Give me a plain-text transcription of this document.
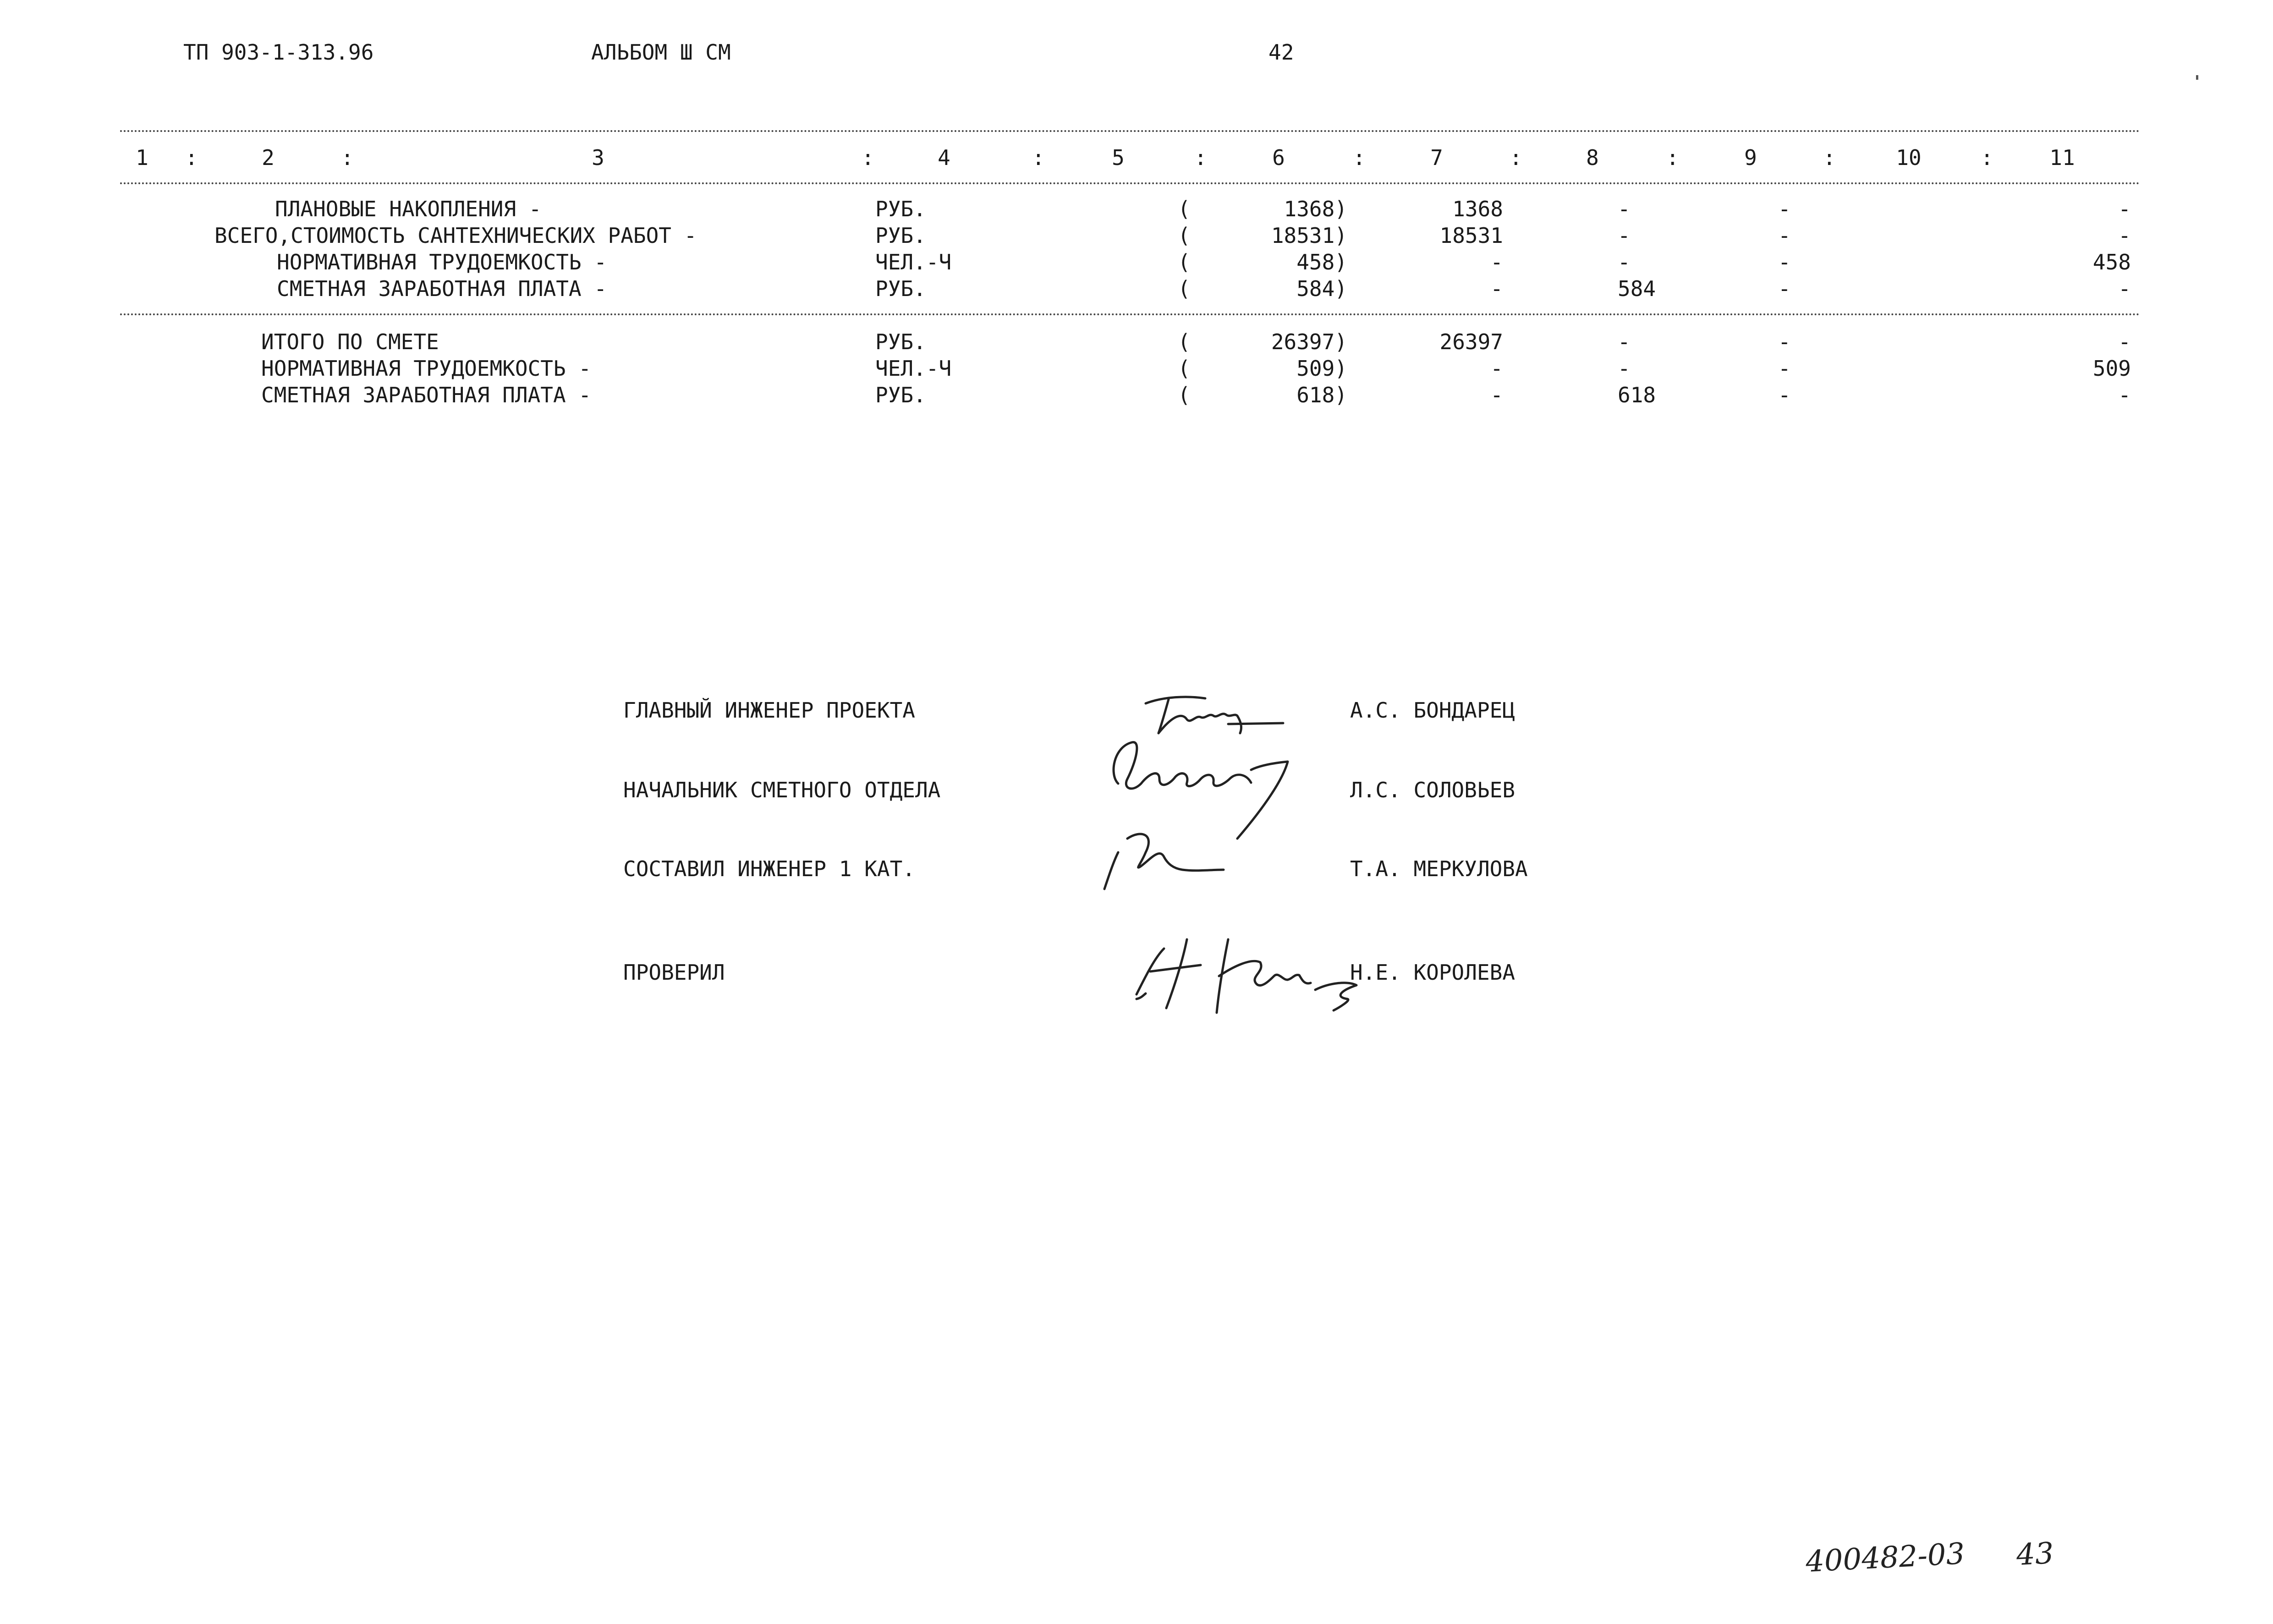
ТП 903-1-313.96	АЛЬБОМ Ш СМ	42
1	2	3	4	5	6	7	8	9	10	11
:	:	:	:	:	:	:	:	:	:
ПЛАНОВЫЕ НАКОПЛЕНИЯ -	РУБ.	(	1368)	1368	-	-	-
ВСЕГО,СТОИМОСТЬ САНТЕХНИЧЕСКИХ РАБОТ -	РУБ.	(	18531)	18531	-	-	-
НОРМАТИВНАЯ ТРУДОЕМКОСТЬ -	ЧЕЛ.-Ч	(	458)	-	-	-	458
СМЕТНАЯ ЗАРАБОТНАЯ ПЛАТА -	РУБ.	(	584)	-	584	-	-
ИТОГО ПО СМЕТЕ	РУБ.	(	26397)	26397	-	-	-
НОРМАТИВНАЯ ТРУДОЕМКОСТЬ -	ЧЕЛ.-Ч	(	509)	-	-	-	509
СМЕТНАЯ ЗАРАБОТНАЯ ПЛАТА -	РУБ.	(	618)	-	618	-	-
ГЛАВНЫЙ ИНЖЕНЕР ПРОЕКТА	А.С. БОНДАРЕЦ
НАЧАЛЬНИК СМЕТНОГО ОТДЕЛА	Л.С. СОЛОВЬЕВ
СОСТАВИЛ ИНЖЕНЕР 1 КАТ.	Т.А. МЕРКУЛОВА
ПРОВЕРИЛ	Н.Е. КОРОЛЕВА
400482-03 43
